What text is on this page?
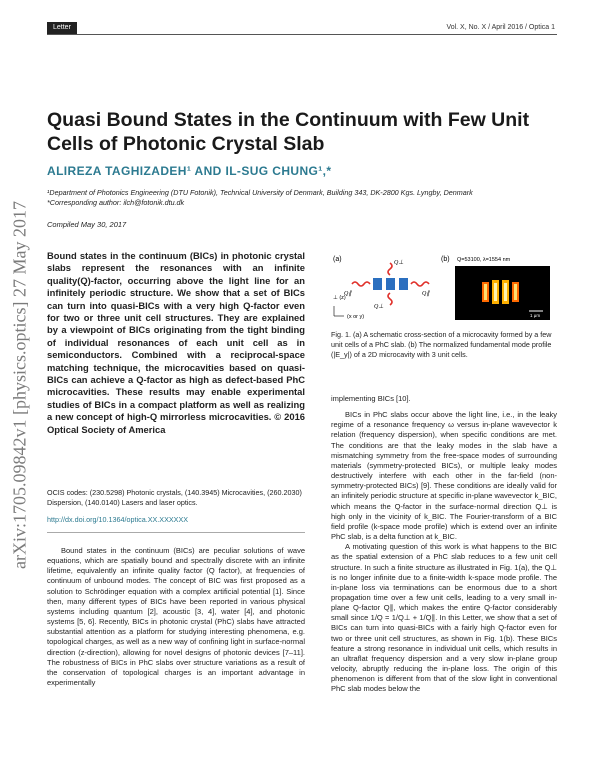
Letter	Vol. X, No. X / April 2016 / Optica 1
arXiv:1705.09842v1 [physics.optics] 27 May 2017
Quasi Bound States in the Continuum with Few Unit Cells of Photonic Crystal Slab
ALIREZA TAGHIZADEH¹ AND IL-SUG CHUNG¹,*
¹Department of Photonics Engineering (DTU Fotonik), Technical University of Denmark, Building 343, DK-2800 Kgs. Lyngby, Denmark
*Corresponding author: ilch@fotonik.dtu.dk
Compiled May 30, 2017
Bound states in the continuum (BICs) in photonic crystal slabs represent the resonances with an infinite quality(Q)-factor, occurring above the light line for an infinitely periodic structure. We show that a set of BICs can turn into quasi-BICs with a very high Q-factor even for two or three unit cell structures. They are explained by a viewpoint of BICs originating from the tight binding of individual resonances of each unit cell as in semiconductors. Combined with a reciprocal-space matching technique, the microcavities based on quasi-BICs can achieve a Q-factor as high as defect-based PhC microcavities. These results may enable experimental studies of BICs in a compact platform as well as realizing a new concept of high-Q mirrorless microcavities. © 2016 Optical Society of America
OCIS codes: (230.5298) Photonic crystals, (140.3945) Microcavities, (260.2030) Dispersion, (140.0140) Lasers and laser optics.
http://dx.doi.org/10.1364/optica.XX.XXXXXX
Bound states in the continuum (BICs) are peculiar solutions of wave equations, which are spatially bound and spectrally discrete with an infinite lifetime, equivalently an infinite quality factor (Q factor), at frequencies of continuum of unbound modes. The concept of BIC was first proposed as a solution to Schrödinger equation with a complex artificial potential [1]. Since then, many different types of BICs have been reported in various physical systems including quantum [2], acoustic [3, 4], water [4], and photonic systems [5, 6]. Recently, BICs in photonic crystal (PhC) slabs have attracted substantial attention as a platform for studying interesting phenomena, e.g. topological charges, as well as a new way of confining light in surface-normal direction (z-direction), allowing for novel designs of photonic devices [7–11]. The robustness of BICs in PhC slabs over structure variations as a result of the conservation of topological charges is an important advantage in experimentally
(a)	Q⊥
Q∥	Q∥
Q⊥
⊥ (z)
(x or y)
(b) Q=53100, λ=1554 nm
1 μm
Fig. 1. (a) A schematic cross-section of a microcavity formed by a few unit cells of a PhC slab. (b) The normalized fundamental mode profile (|E_y|) of a 2D microcavity with 3 unit cells.

implementing BICs [10].

BICs in PhC slabs occur above the light line, i.e., in the leaky regime of a resonance frequency ω versus in-plane wavevector k relation (frequency dispersion), when specific conditions are met. The conditions are that the leaky modes in the slab have a mismatching symmetry from the free-space modes of surrounding materials (symmetry-protected BICs), or multiple leaky modes destructively interfere with each other in the far-field (non-symmetry-protected BICs) [9]. These conditions are ideally valid for an infinitely periodic structure at specific in-plane wavevector k_BIC, which means the Q-factor in the surface-normal direction Q⊥ is high only in the vicinity of k_BIC. The Fourier-transform of a BIC field profile (k-space mode profile) which is extend over an infinite PhC slab, is a delta function at k_BIC.

A motivating question of this work is what happens to the BIC as the spatial extension of a PhC slab reduces to a few unit cell structure. In such a finite structure as illustrated in Fig. 1(a), the Q⊥ is no longer infinite due to a finite-width k-space mode profile. The in-plane loss via terminations can be enormous due to a short propagation time over a few unit cells, leading to a very small in-plane Q-factor Q∥, which makes the entire Q-factor considerably small since 1/Q = 1/Q⊥ + 1/Q∥. In this Letter, we show that a set of BICs can turn into quasi-BICs with a fairly high Q-factor even for two or three unit cell structures, as shown in Fig. 1(b). These BICs feature a strong resonance in individual unit cells, which results in an ultraflat frequency dispersion and a very slow in-plane group velocity, abruptly reducing the in-plane loss. The origin of this phenomenon is different from that of the slow light in conventional PhC slab modes below the
